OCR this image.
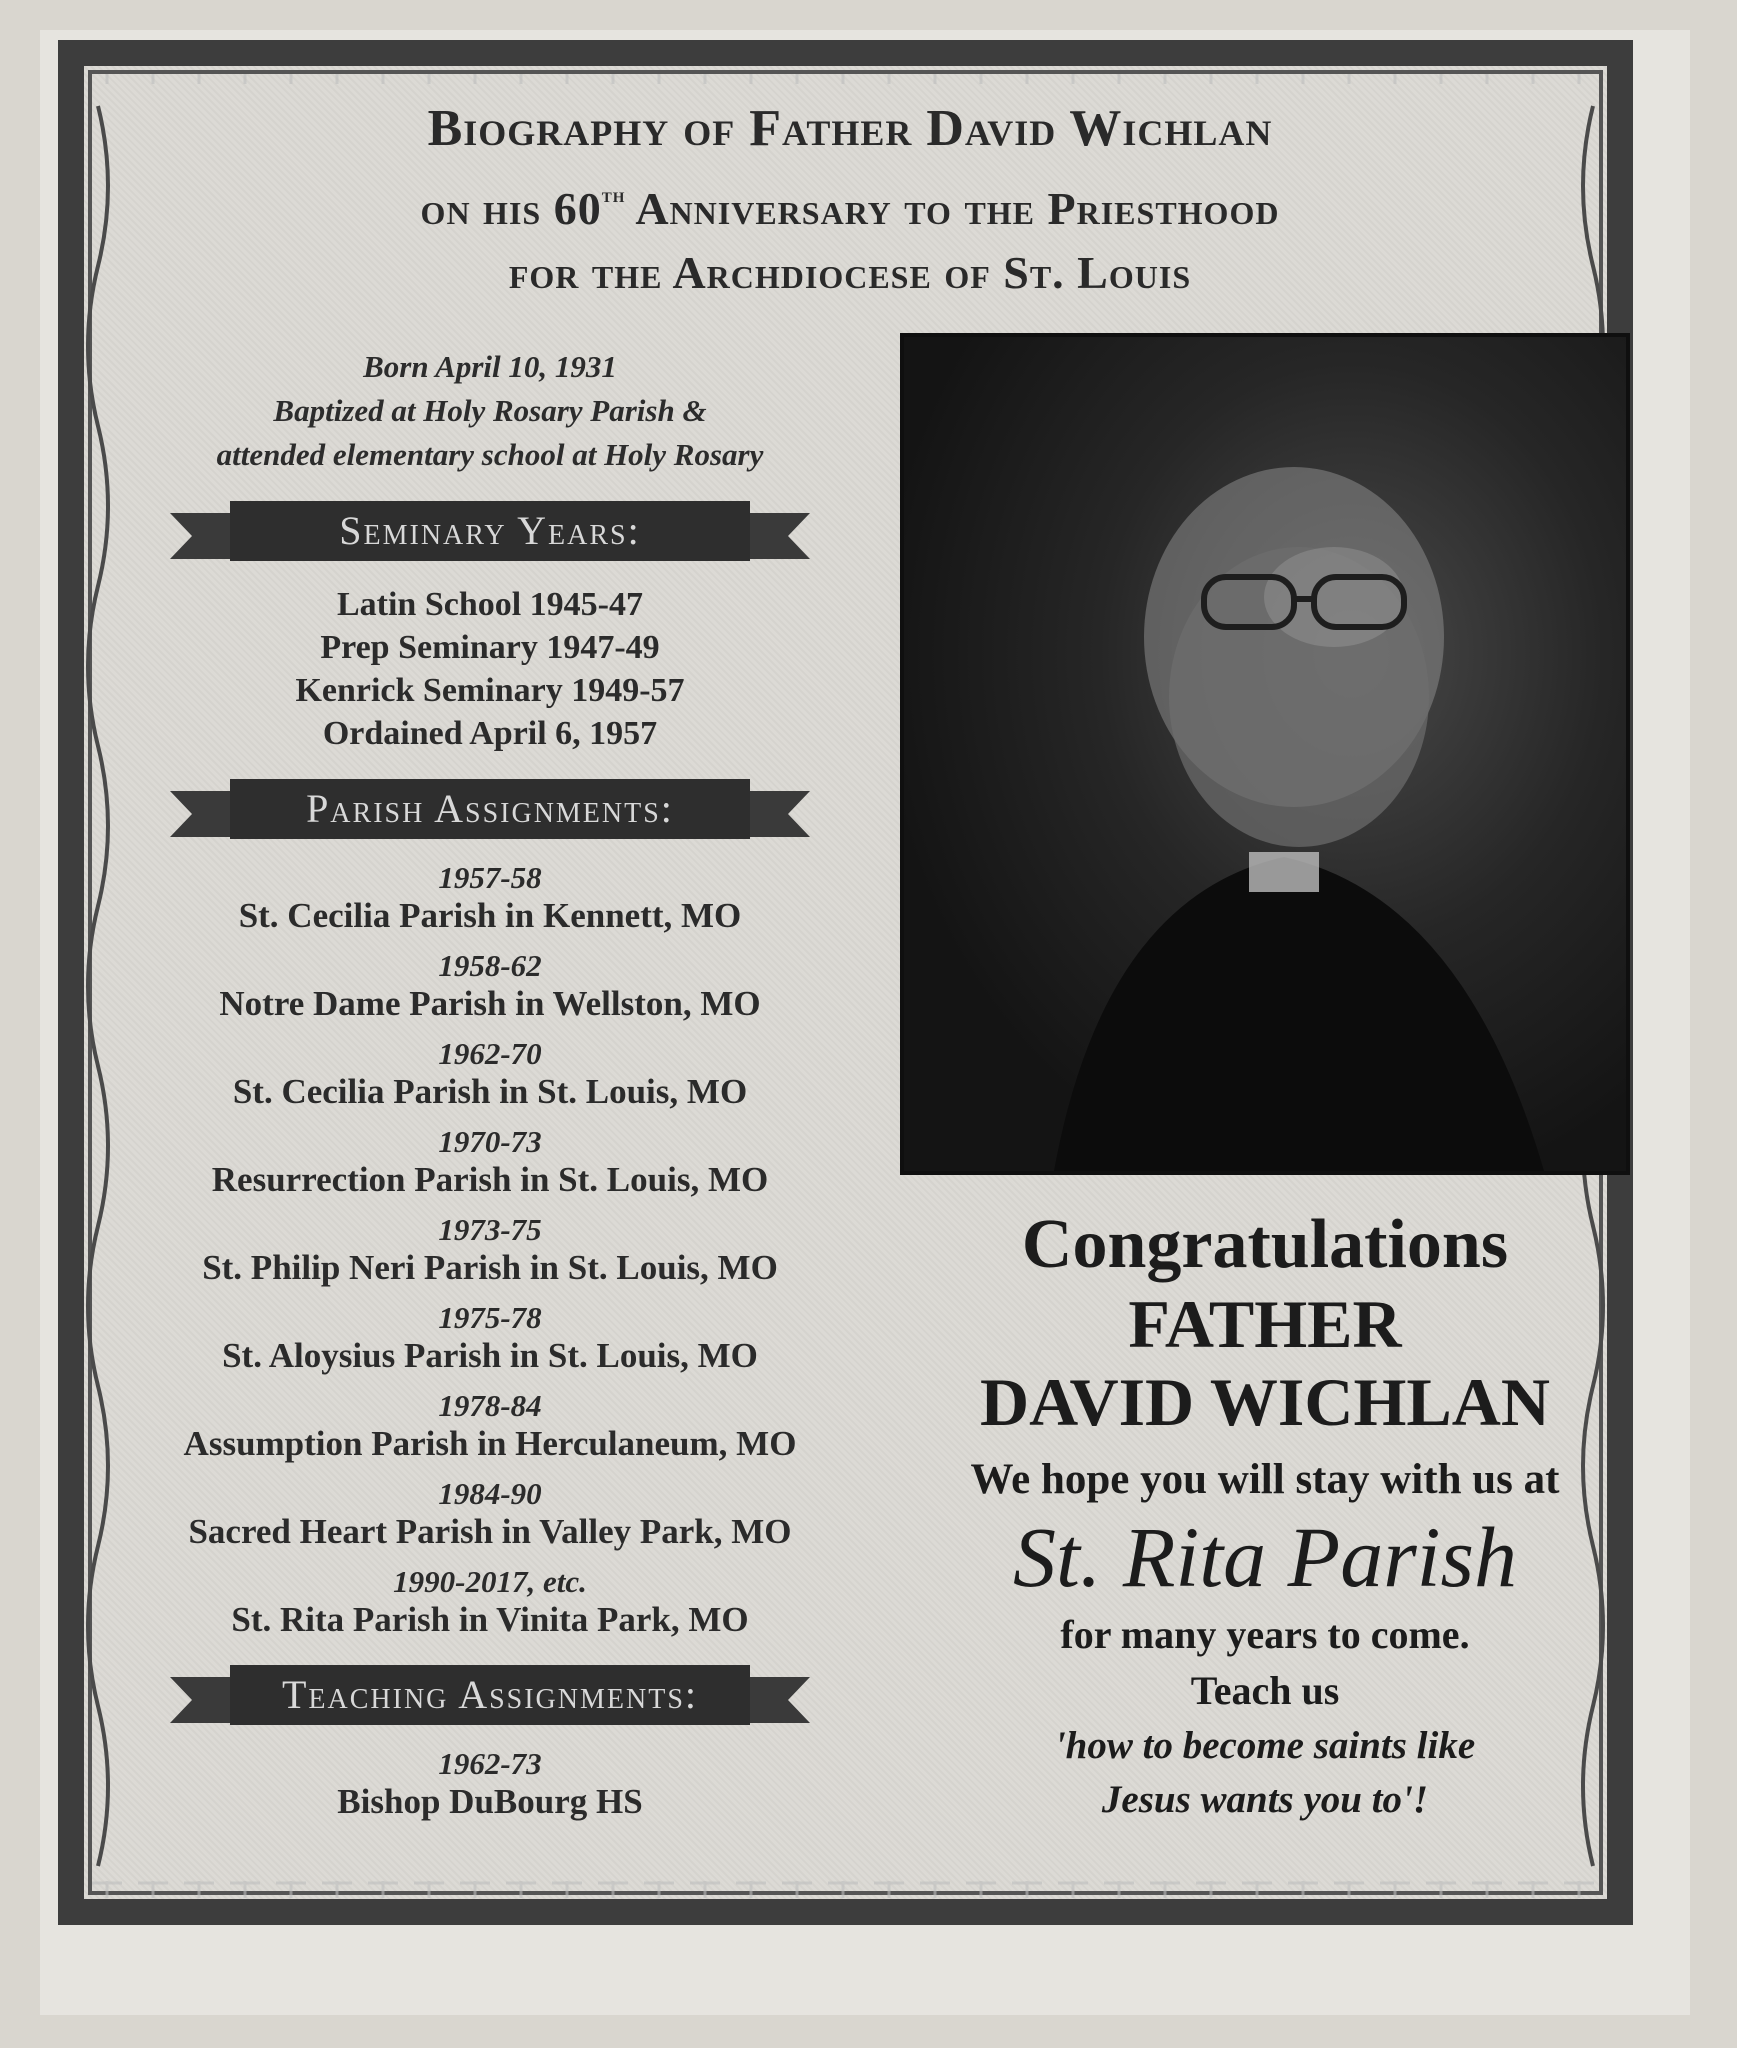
Biography of Father David Wichlan

on his 60th Anniversary to the Priesthood

for the Archdiocese of St. Louis

Born April 10, 1931
Baptized at Holy Rosary Parish &
attended elementary school at Holy Rosary
Seminary Years:
Latin School 1945-47
Prep Seminary 1947-49
Kenrick Seminary 1949-57
Ordained April 6, 1957
Parish Assignments:
1957-58
St. Cecilia Parish in Kennett, MO
1958-62
Notre Dame Parish in Wellston, MO
1962-70
St. Cecilia Parish in St. Louis, MO
1970-73
Resurrection Parish in St. Louis, MO
1973-75
St. Philip Neri Parish in St. Louis, MO
1975-78
St. Aloysius Parish in St. Louis, MO
1978-84
Assumption Parish in Herculaneum, MO
1984-90
Sacred Heart Parish in Valley Park, MO
1990-2017, etc.
St. Rita Parish in Vinita Park, MO
Teaching Assignments:
1962-73
Bishop DuBourg HS
Congratulations
FATHER
DAVID WICHLAN
We hope you will stay with us at
St. Rita Parish
for many years to come.
Teach us
'how to become saints like
Jesus wants you to'!
